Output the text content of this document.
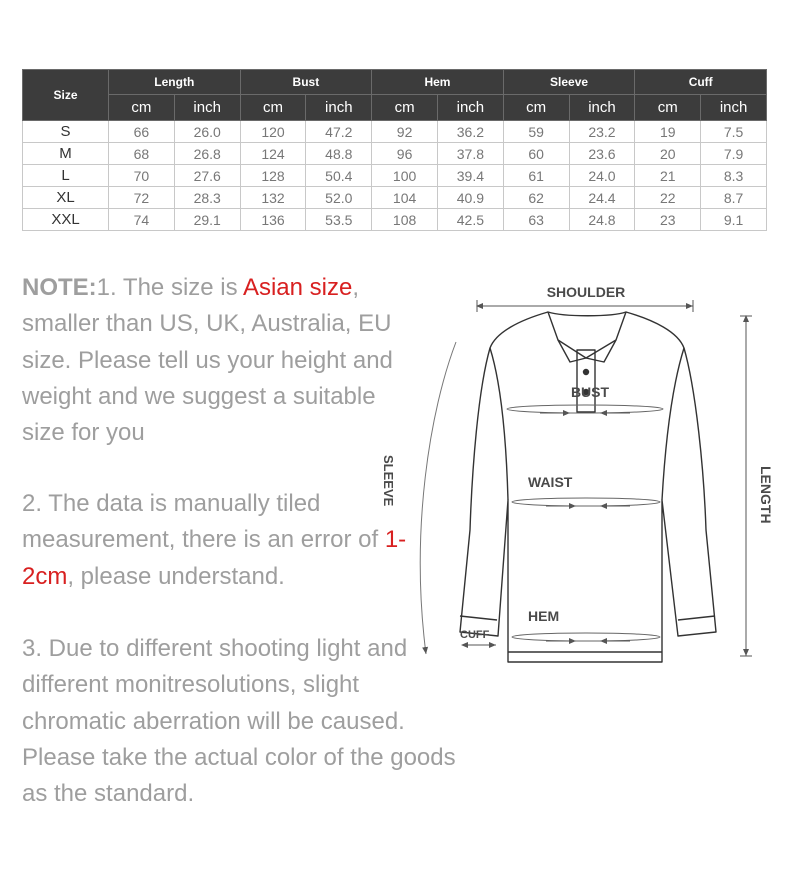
Size	Length		Bust		Hem		Sleeve		Cuff	
	cm	inch	cm	inch	cm	inch	cm	inch	cm	inch
S	66	26.0	120	47.2	92	36.2	59	23.2	19	7.5
M	68	26.8	124	48.8	96	37.8	60	23.6	20	7.9
L	70	27.6	128	50.4	100	39.4	61	24.0	21	8.3
XL	72	28.3	132	52.0	104	40.9	62	24.4	22	8.7
XXL	74	29.1	136	53.5	108	42.5	63	24.8	23	9.1

NOTE:1. The size is Asian size, smaller than US, UK, Australia, EU size. Please tell us your height and weight and we suggest a suitable size for you

2. The data is manually tiled measurement, there is an error of 1-2cm, please understand.

3. Due to different shooting light and different monitresolutions, slight chromatic aberration will be caused. Please take the actual color of the goods as the standard.

SHOULDER
BUST
WAIST
HEM
CUFF
SLEEVE	LENGTH
